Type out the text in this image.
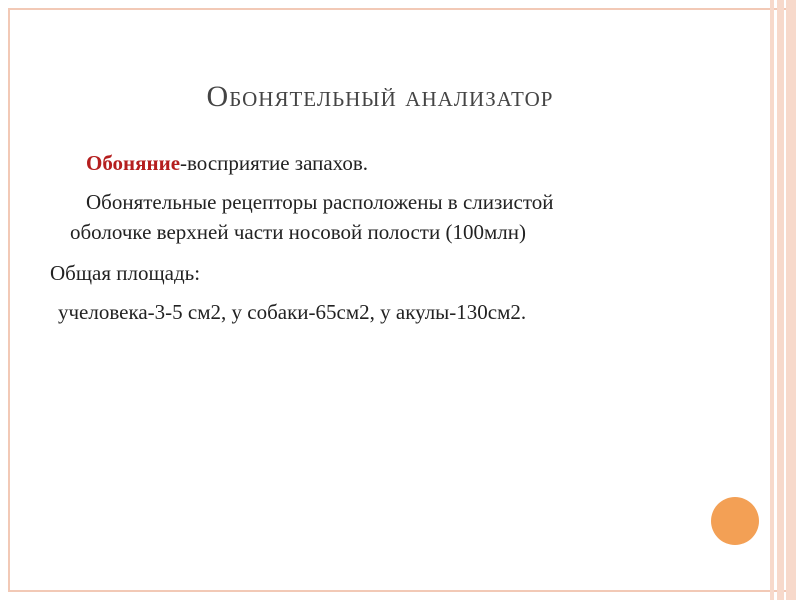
Обонятельный анализатор
Обоняние-восприятие запахов.
Обонятельные рецепторы расположены в слизистой
оболочке верхней части носовой полости (100млн)
Общая площадь:
учеловека-3-5 см2, у собаки-65см2, у акулы-130см2.
